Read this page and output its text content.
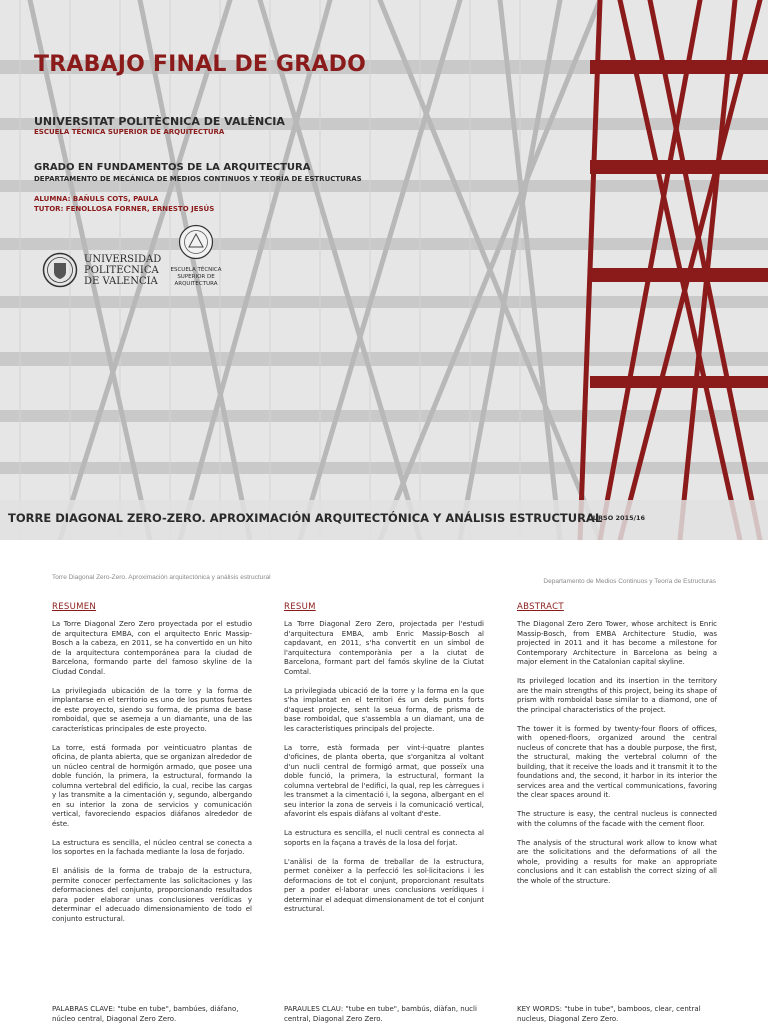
TRABAJO FINAL DE GRADO
UNIVERSITAT POLITÈCNICA DE VALÈNCIA
ESCUELA TÉCNICA SUPERIOR DE ARQUITECTURA
GRADO EN FUNDAMENTOS DE LA ARQUITECTURA
DEPARTAMENTO DE MECÁNICA DE MEDIOS CONTINUOS Y TEORÍA DE ESTRUCTURAS
ALUMNA: BAÑULS COTS, PAULA
TUTOR: FENOLLOSA FORNER, ERNESTO JESÚS
UNIVERSIDAD
POLITECNICA
DE VALENCIA
ESCUELA TÉCNICA
SUPERIOR DE
ARQUITECTURA
TORRE DIAGONAL ZERO-ZERO. APROXIMACIÓN ARQUITECTÓNICA Y ANÁLISIS ESTRUCTURAL
CURSO 2015/16
Torre Diagonal Zero-Zero. Aproximación arquitectónica y análisis estructural
Departamento de Medios Continuos y Teoría de Estructuras
RESUMEN

La Torre Diagonal Zero Zero proyectada por el estudio de arquitectura EMBA, con el arquitecto Enric Massip-Bosch a la cabeza, en 2011, se ha convertido en un hito de la arquitectura contemporánea para la ciudad de Barcelona, formando parte del famoso skyline de la Ciudad Condal.

La privilegiada ubicación de la torre y la forma de implantarse en el territorio es uno de los puntos fuertes de este proyecto, siendo su forma, de prisma de base romboidal, que se asemeja a un diamante, una de las características principales de este proyecto.

La torre, está formada por veinticuatro plantas de oficina, de planta abierta, que se organizan alrededor de un núcleo central de hormigón armado, que posee una doble función, la primera, la estructural, formando la columna vertebral del edificio, la cual, recibe las cargas y las transmite a la cimentación y, segundo, albergando en su interior la zona de servicios y comunicación vertical, favoreciendo espacios diáfanos alrededor de éste.

La estructura es sencilla, el núcleo central se conecta a los soportes en la fachada mediante la losa de forjado.

El análisis de la forma de trabajo de la estructura, permite conocer perfectamente las solicitaciones y las deformaciones del conjunto, proporcionando resultados para poder elaborar unas conclusiones verídicas y determinar el adecuado dimensionamiento de todo el conjunto estructural.

RESUM

La Torre Diagonal Zero Zero, projectada per l'estudi d'arquitectura EMBA, amb Enric Massip-Bosch al capdavant, en 2011, s'ha convertit en un símbol de l'arquitectura contemporània per a la ciutat de Barcelona, formant part del famós skyline de la Ciutat Comtal.

La privilegiada ubicació de la torre y la forma en la que s'ha implantat en el territori és un dels punts forts d'aquest projecte, sent la seua forma, de prisma de base romboidal, que s'assembla a un diamant, una de les característiques principals del projecte.

La torre, està formada per vint-i-quatre plantes d'oficines, de planta oberta, que s'organitza al voltant d'un nucli central de formigó armat, que posseïx una doble funció, la primera, la estructural, formant la columna vertebral de l'edifici, la qual, rep les càrregues i les transmet a la cimentació i, la segona, albergant en el seu interior la zona de serveis i la comunicació vertical, afavorint els espais diàfans al voltant d'este.

La estructura es sencilla, el nucli central es connecta al soports en la façana a través de la losa del forjat.

L'anàlisi de la forma de treballar de la estructura, permet conèixer a la perfecció les sol·licitacions i les deformacions de tot el conjunt, proporcionant resultats per a poder el·laborar unes conclusions verídiques i determinar el adequat dimensionament de tot el conjunt estructural.

ABSTRACT

The Diagonal Zero Zero Tower, whose architect is Enric Massip-Bosch, from EMBA Architecture Studio, was projected in 2011 and it has become a milestone for Contemporary Architecture in Barcelona as being a major element in the Catalonian capital skyline.

Its privileged location and its insertion in the territory are the main strengths of this project, being its shape of prism with romboidal base similar to a diamond, one of the principal characteristics of the project.

The tower it is formed by twenty-four floors of offices, with opened-floors, organized around the central nucleus of concrete that has a double purpose, the first, the structural, making the vertebral column of the building, that it receive the loads and it transmit it to the foundations and, the second, it harbor in its interior the services area and the vertical communications, favoring the clear spaces around it.

The structure is easy, the central nucleus is connected with the columns of the facade with the cement floor.

The analysis of the structural work allow to know what are the solicitations and the deformations of all the whole, providing a results for make an appropriate conclusions and it can establish the correct sizing of all the whole of the structure.

PALABRAS CLAVE: "tube en tube", bambúes, diáfano, núcleo central, Diagonal Zero Zero.
PARAULES CLAU: "tube en tube", bambús, diàfan, nucli central, Diagonal Zero Zero.
KEY WORDS: "tube in tube", bamboos, clear, central nucleus, Diagonal Zero Zero.
